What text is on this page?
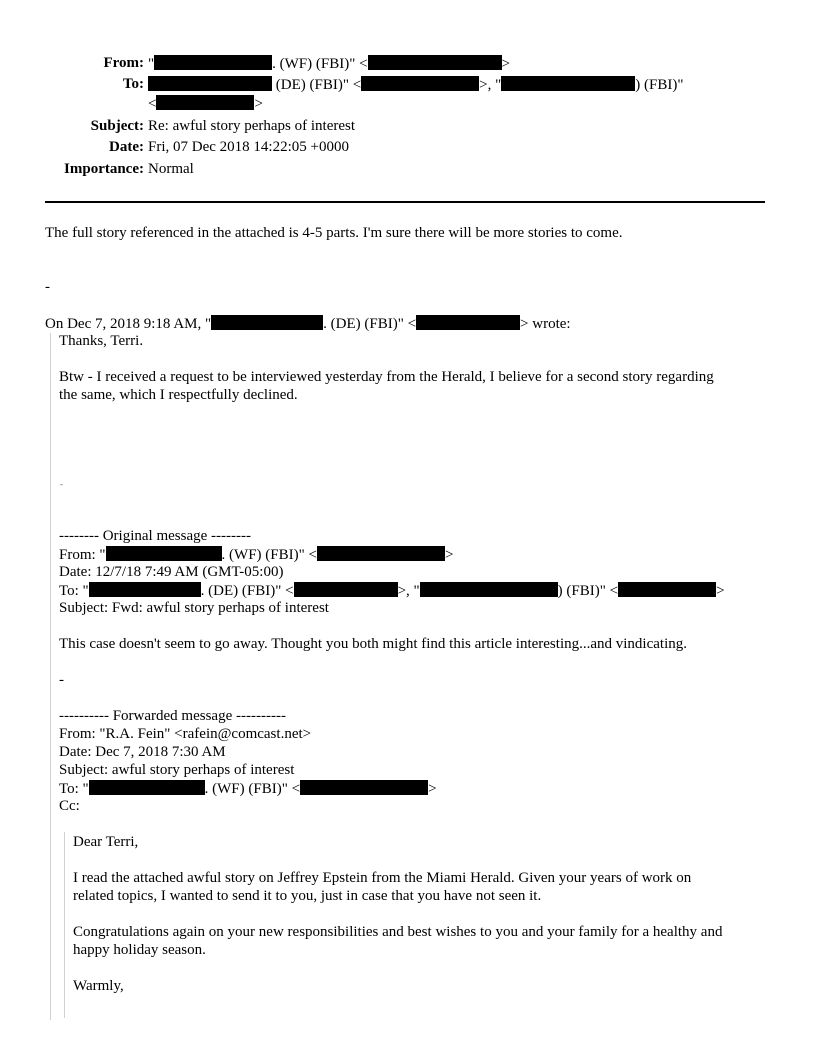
From: "	. (WF) (FBI)" <	>
To:	(DE) (FBI)" <	>, "	) (FBI)"
<	>
Subject: Re: awful story perhaps of interest
Date: Fri, 07 Dec 2018 14:22:05 +0000
Importance: Normal
The full story referenced in the attached is 4-5 parts. I'm sure there will be more stories to come.
-
On Dec 7, 2018 9:18 AM, "	. (DE) (FBI)" <	> wrote:
Thanks, Terri.
Btw - I received a request to be interviewed yesterday from the Herald, I believe for a second story regarding
the same, which I respectfully declined.
-
-------- Original message --------
From: "	. (WF) (FBI)" <	>
Date: 12/7/18 7:49 AM (GMT-05:00)
To: "	. (DE) (FBI)" <	>, "	) (FBI)" <	>
Subject: Fwd: awful story perhaps of interest
This case doesn't seem to go away. Thought you both might find this article interesting...and vindicating.
-
---------- Forwarded message ----------
From: "R.A. Fein" <rafein@comcast.net>
Date: Dec 7, 2018 7:30 AM
Subject: awful story perhaps of interest
To: "	. (WF) (FBI)" <	>
Cc:
Dear Terri,
I read the attached awful story on Jeffrey Epstein from the Miami Herald. Given your years of work on
related topics, I wanted to send it to you, just in case that you have not seen it.
Congratulations again on your new responsibilities and best wishes to you and your family for a healthy and
happy holiday season.
Warmly,
